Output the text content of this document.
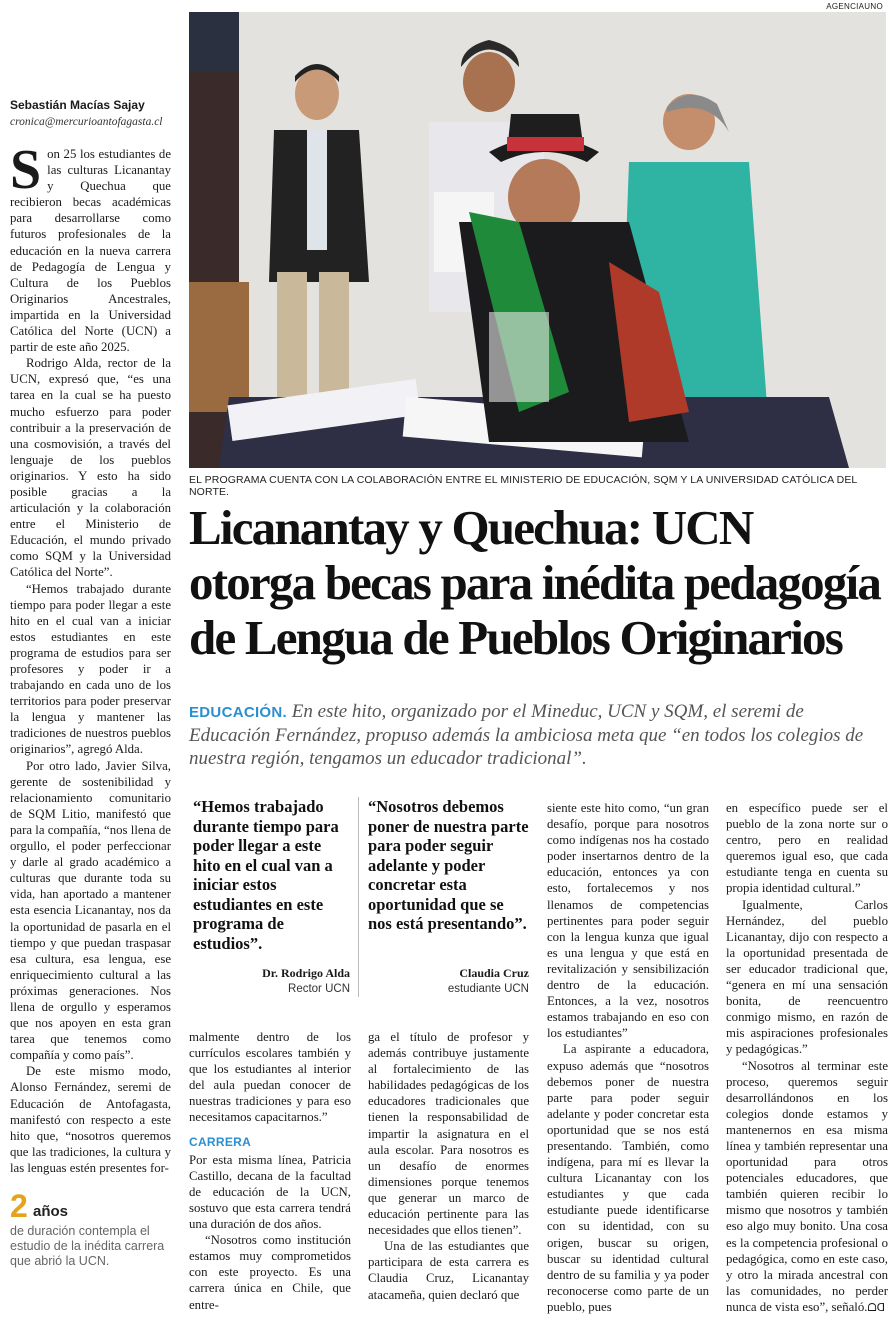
AGENCIAUNO
EL PROGRAMA CUENTA CON LA COLABORACIÓN ENTRE EL MINISTERIO DE EDUCACIÓN, SQM Y LA UNIVERSIDAD CATÓLICA DEL NORTE.
Sebastián Macías Sajay
cronica@mercurioantofagasta.cl

Son 25 los estudiantes de las culturas Licanantay y Quechua que recibieron becas académicas para desarrollarse como futuros profesionales de la educación en la nueva carrera de Pedagogía de Lengua y Cultura de los Pueblos Originarios Ancestrales, impartida en la Universidad Católica del Norte (UCN) a partir de este año 2025.

Rodrigo Alda, rector de la UCN, expresó que, “es una tarea en la cual se ha puesto mucho esfuerzo para poder contribuir a la preservación de una cosmovisión, a través del lenguaje de los pueblos originarios. Y esto ha sido posible gracias a la articulación y la colaboración entre el Ministerio de Educación, el mundo privado como SQM y la Universidad Católica del Norte”.

“Hemos trabajado durante tiempo para poder llegar a este hito en el cual van a iniciar estos estudiantes en este programa de estudios para ser profesores y poder ir a trabajando en cada uno de los territorios para poder preservar la lengua y mantener las tradiciones de nuestros pueblos originarios”, agregó Alda.

Por otro lado, Javier Silva, gerente de sostenibilidad y relacionamiento comunitario de SQM Litio, manifestó que para la compañía, “nos llena de orgullo, el poder perfeccionar y darle al grado académico a culturas que durante toda su vida, han aportado a mantener esta esencia Licanantay, nos da la oportunidad de pasarla en el tiempo y que puedan traspasar esa cultura, esa lengua, ese enriquecimiento cultural a las próximas generaciones. Nos llena de orgullo y esperamos que nos apoyen en esta gran tarea que tenemos como compañía y como país”.

De este mismo modo, Alonso Fernández, seremi de Educación de Antofagasta, manifestó con respecto a este hito que, “nosotros queremos que las tradiciones, la cultura y las lenguas estén presentes for-

Licanantay y Quechua: UCN otorga becas para inédita pedagogía de Lengua de Pueblos Originarios
EDUCACIÓN. En este hito, organizado por el Mineduc, UCN y SQM, el seremi de Educación Fernández, propuso además la ambiciosa meta que “en todos los colegios de nuestra región, tengamos un educador tradicional”.
“Hemos trabajado durante tiempo para poder llegar a este hito en el cual van a iniciar estos estudiantes en este programa de estudios”.
Dr. Rodrigo Alda
Rector UCN
“Nosotros debemos poner de nuestra parte para poder seguir adelante y poder concretar esta oportunidad que se nos está presentando”.
Claudia Cruz
estudiante UCN

malmente dentro de los currículos escolares también y que los estudiantes al interior del aula puedan conocer de nuestras tradiciones y para eso necesitamos capacitarnos.”

CARRERA

Por esta misma línea, Patricia Castillo, decana de la facultad de educación de la UCN, sostuvo que esta carrera tendrá una duración de dos años.

“Nosotros como institución estamos muy comprometidos con este proyecto. Es una carrera única en Chile, que entre-

ga el título de profesor y además contribuye justamente al fortalecimiento de las habilidades pedagógicas de los educadores tradicionales que tienen la responsabilidad de impartir la asignatura en el aula escolar. Para nosotros es un desafío de enormes dimensiones porque tenemos que generar un marco de educación pertinente para las necesidades que ellos tienen”.

Una de las estudiantes que participara de esta carrera es Claudia Cruz, Licanantay atacameña, quien declaró que

siente este hito como, “un gran desafío, porque para nosotros como indígenas nos ha costado poder insertarnos dentro de la educación, entonces ya con esto, fortalecemos y nos llenamos de competencias pertinentes para poder seguir con la lengua kunza que igual es una lengua y que está en revitalización y sensibilización dentro de la educación. Entonces, a la vez, nosotros estamos trabajando en eso con los estudiantes”

La aspirante a educadora, expuso además que “nosotros debemos poner de nuestra parte para poder seguir adelante y poder concretar esta oportunidad que se nos está presentando. También, como indígena, para mí es llevar la cultura Licanantay con los estudiantes y que cada estudiante puede identificarse con su identidad, con su origen, buscar su origen, buscar su identidad cultural dentro de su familia y ya poder reconocerse como parte de un pueblo, pues

en específico puede ser el pueblo de la zona norte sur o centro, pero en realidad queremos igual eso, que cada estudiante tenga en cuenta su propia identidad cultural.”

Igualmente, Carlos Hernández, del pueblo Licanantay, dijo con respecto a la oportunidad presentada de ser educador tradicional que, “genera en mí una sensación bonita, de reencuentro conmigo mismo, en razón de mis aspiraciones profesionales y pedagógicas.”

“Nosotros al terminar este proceso, queremos seguir desarrollándonos en los colegios donde estamos y mantenernos en esa misma línea y también representar una oportunidad para otros potenciales educadores, que también quieren recibir lo mismo que nosotros y también eso algo muy bonito. Una cosa es la competencia profesional o pedagógica, como en este caso, y otro la mirada ancestral con las comunidades, no perder nunca de vista eso”, señaló.ᗝᗡ

2 años
de duración contempla el estudio de la inédita carrera que abrió la UCN.
